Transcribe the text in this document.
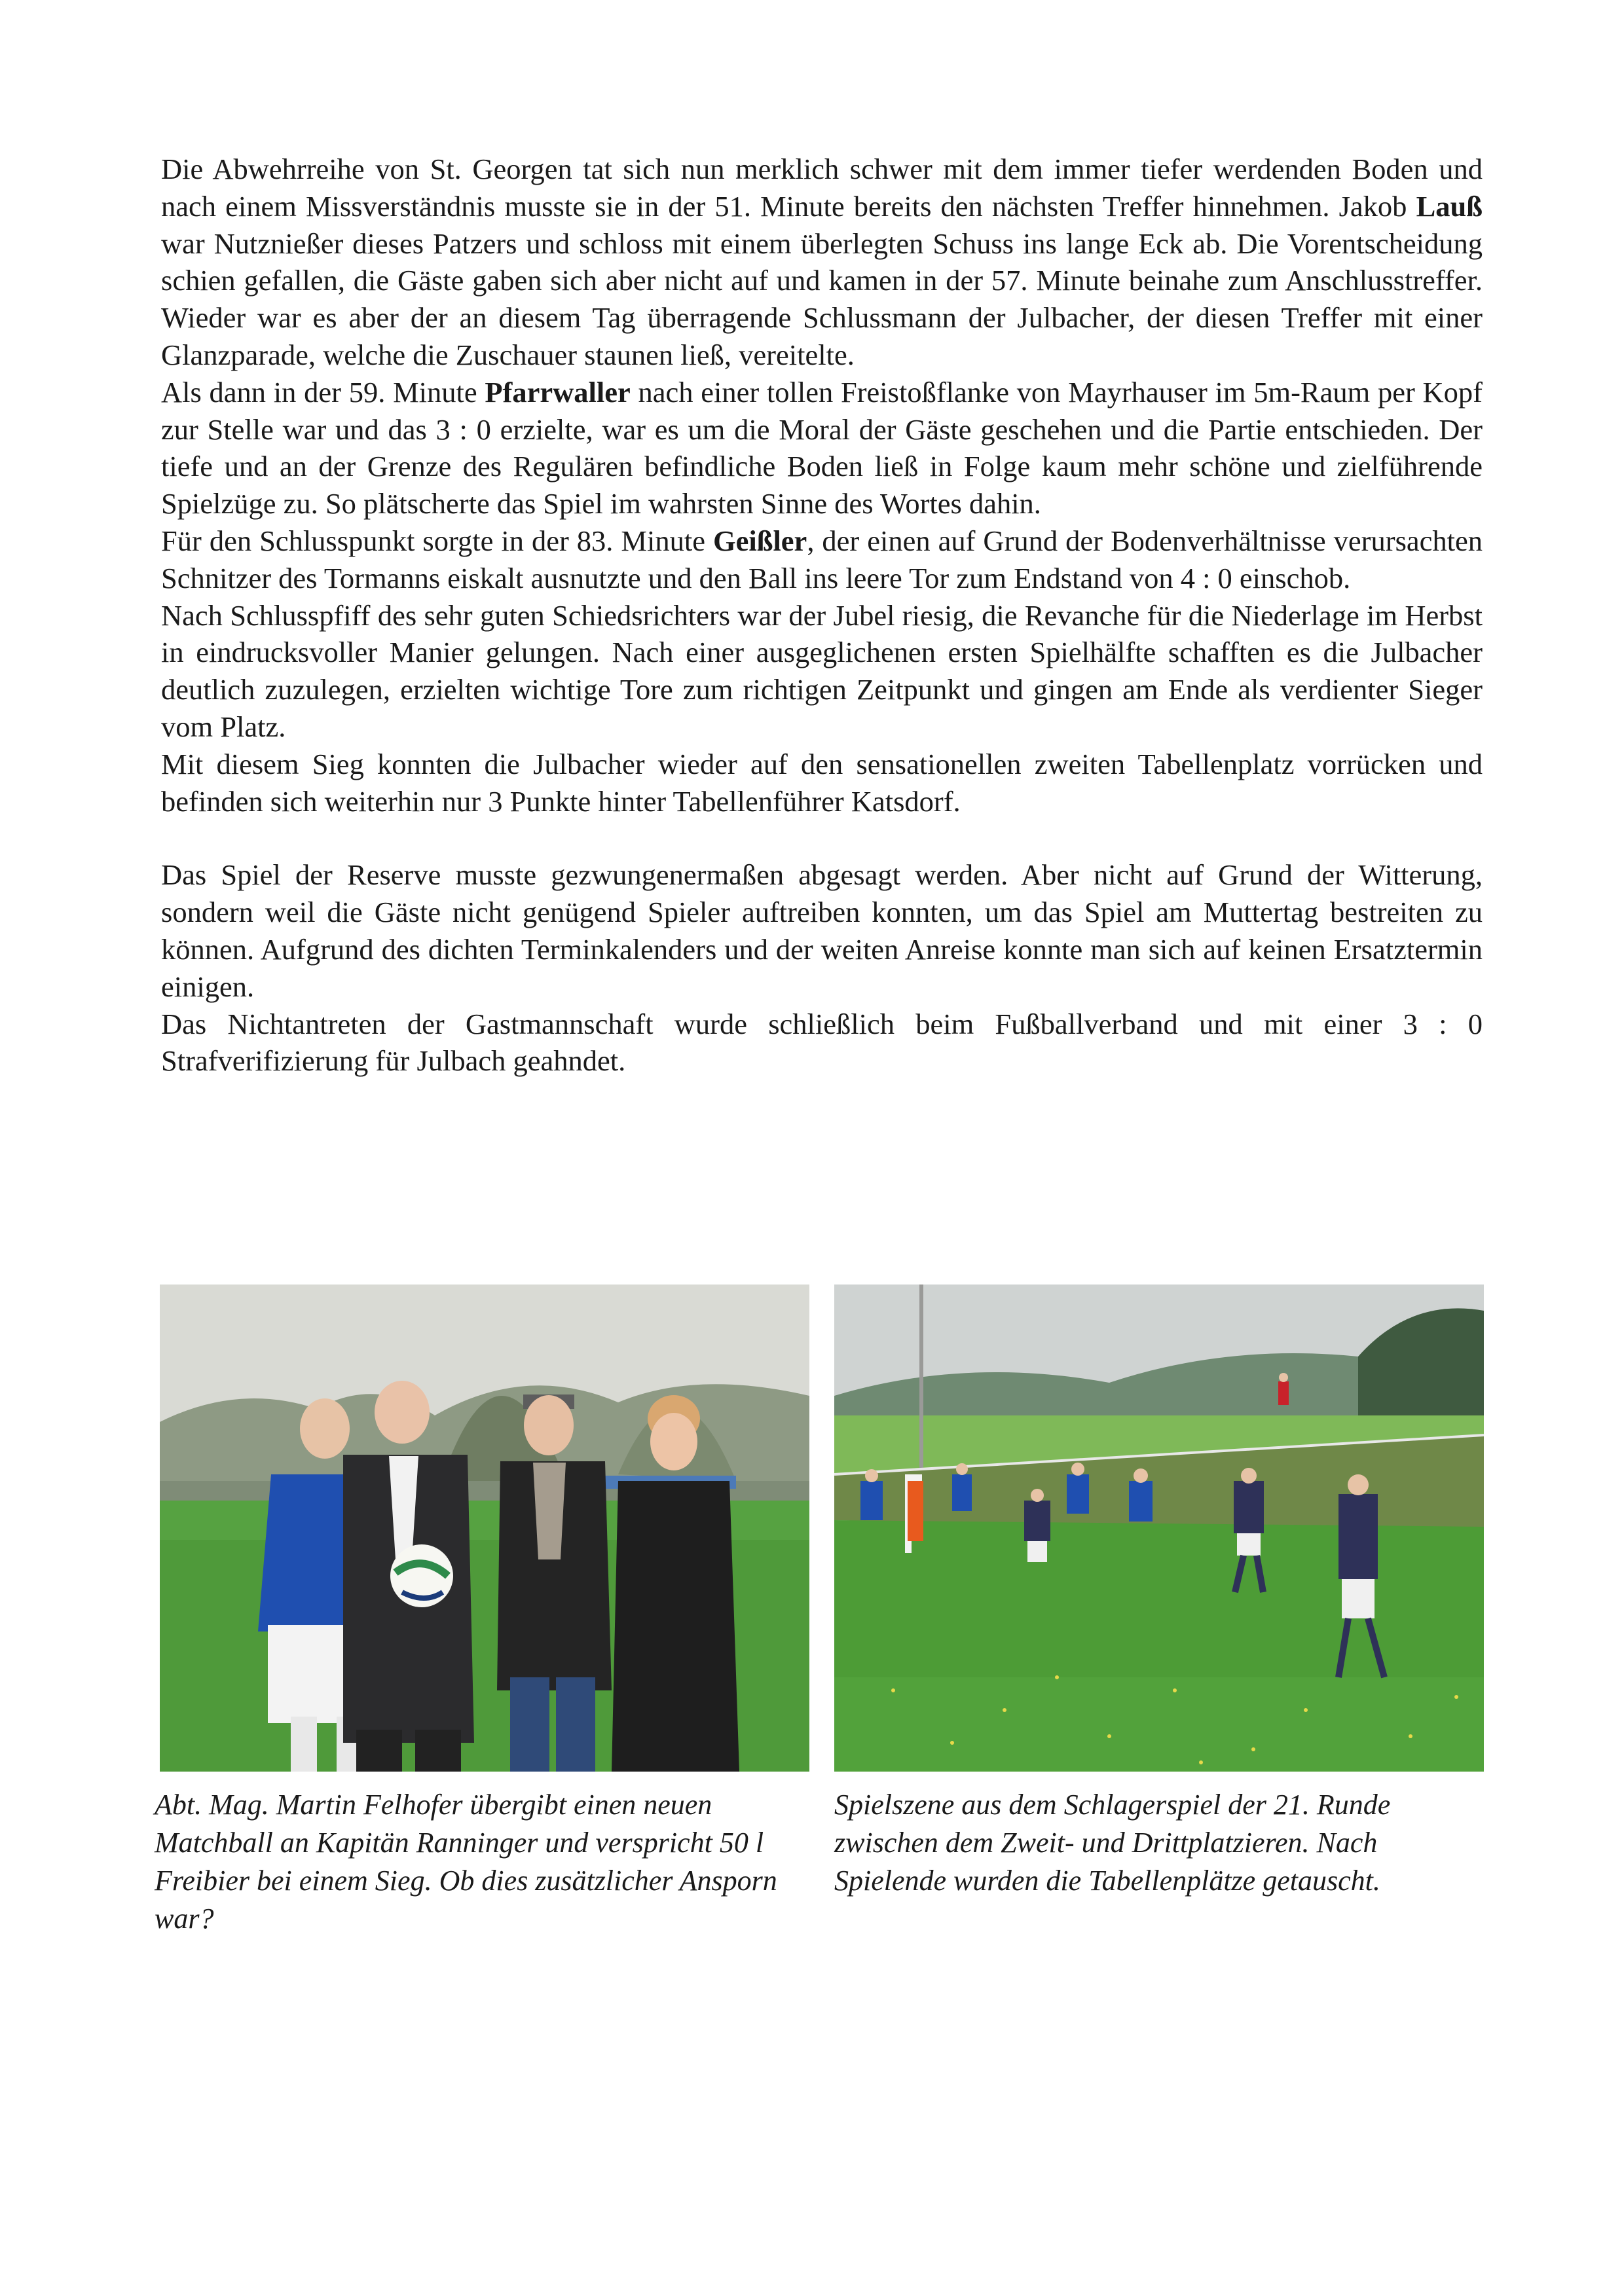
Die Abwehrreihe von St. Georgen tat sich nun merklich schwer mit dem immer tiefer werdenden Boden und nach einem Missverständnis musste sie in der 51. Minute bereits den nächsten Treffer hinnehmen. Jakob Lauß war Nutznießer dieses Patzers und schloss mit einem überlegten Schuss ins lange Eck ab. Die Vorentscheidung schien gefallen, die Gäste gaben sich aber nicht auf und kamen in der 57. Minute beinahe zum Anschlusstreffer. Wieder war es aber der an diesem Tag überragende Schlussmann der Julbacher, der diesen Treffer mit einer Glanzparade, welche die Zuschauer staunen ließ, vereitelte.

Als dann in der 59. Minute Pfarrwaller nach einer tollen Freistoßflanke von Mayrhauser im 5m-Raum per Kopf zur Stelle war und das 3 : 0 erzielte, war es um die Moral der Gäste geschehen und die Partie entschieden. Der tiefe und an der Grenze des Regulären befindliche Boden ließ in Folge kaum mehr schöne und zielführende Spielzüge zu. So plätscherte das Spiel im wahrsten Sinne des Wortes dahin.

Für den Schlusspunkt sorgte in der 83. Minute Geißler, der einen auf Grund der Bodenverhältnisse verursachten Schnitzer des Tormanns eiskalt ausnutzte und den Ball ins leere Tor zum Endstand von 4 : 0 einschob.

Nach Schlusspfiff des sehr guten Schiedsrichters war der Jubel riesig, die Revanche für die Niederlage im Herbst in eindrucksvoller Manier gelungen. Nach einer ausgeglichenen ersten Spielhälfte schafften es die Julbacher deutlich zuzulegen, erzielten wichtige Tore zum richtigen Zeitpunkt und gingen am Ende als verdienter Sieger vom Platz.

Mit diesem Sieg konnten die Julbacher wieder auf den sensationellen zweiten Tabellenplatz vorrücken und befinden sich weiterhin nur 3 Punkte hinter Tabellenführer Katsdorf.

Das Spiel der Reserve musste gezwungenermaßen abgesagt werden. Aber nicht auf Grund der Witterung, sondern weil die Gäste nicht genügend Spieler auftreiben konnten, um das Spiel am Muttertag bestreiten zu können. Aufgrund des dichten Terminkalenders und der weiten Anreise konnte man sich auf keinen Ersatztermin einigen.

Das Nichtantreten der Gastmannschaft wurde schließlich beim Fußballverband und mit einer 3 : 0 Strafverifizierung für Julbach geahndet.

Abt. Mag. Martin Felhofer übergibt einen neuen Matchball an Kapitän Ranninger und verspricht 50 l Freibier bei einem Sieg. Ob dies zusätzlicher Ansporn war?
Spielszene aus dem Schlagerspiel der 21. Runde zwischen dem Zweit- und Drittplatzieren. Nach Spielende wurden die Tabellenplätze getauscht.
